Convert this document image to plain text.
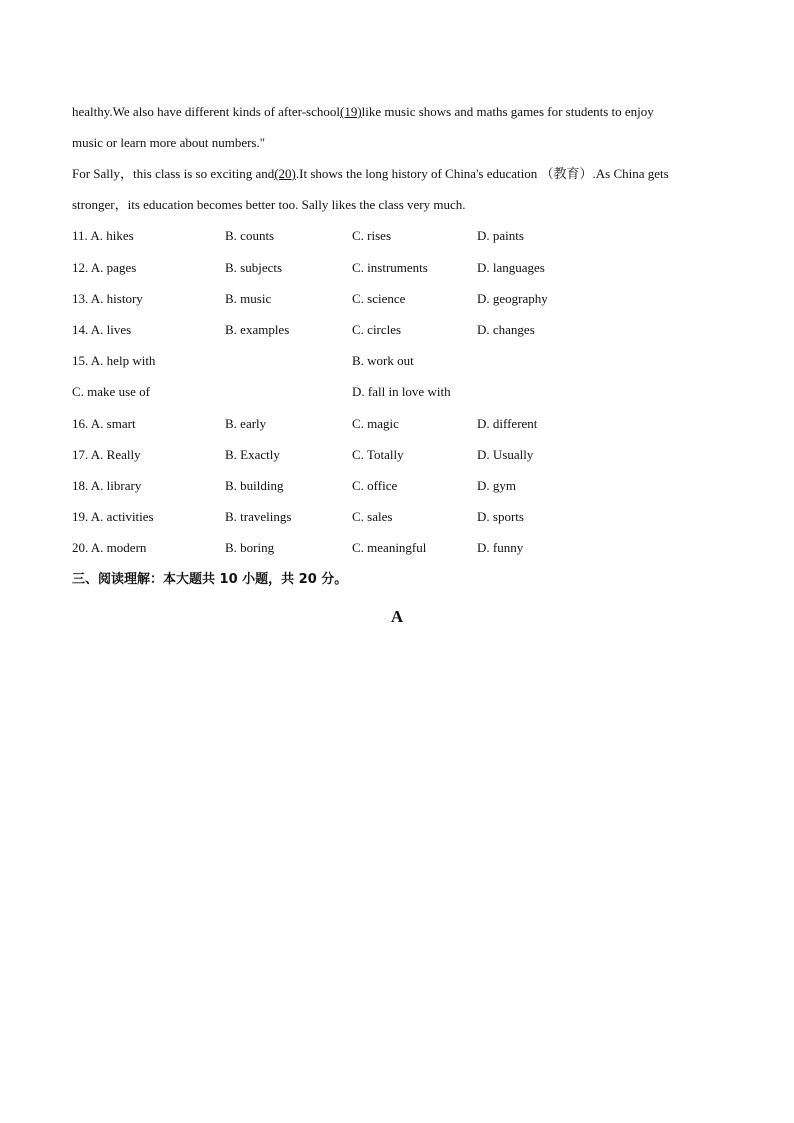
healthy.We also have different kinds of after-school(19)like music shows and maths games for students to enjoy
music or learn more about numbers."
For Sally，this class is so exciting and(20).It shows the long history of China's education （教育）.As China gets
stronger，its education becomes better too. Sally likes the class very much.
11. A. hikes	B. counts	C. rises	D. paints
12. A. pages	B. subjects	C. instruments	D. languages
13. A. history	B. music	C. science	D. geography
14. A. lives	B. examples	C. circles	D. changes
15. A. help with	B. work out
C. make use of	D. fall in love with
16. A. smart	B. early	C. magic	D. different
17. A. Really	B. Exactly	C. Totally	D. Usually
18. A. library	B. building	C. office	D. gym
19. A. activities	B. travelings	C. sales	D. sports
20. A. modern	B. boring	C. meaningful	D. funny
三、阅读理解：本大题共 10 小题，共 20 分。
A
